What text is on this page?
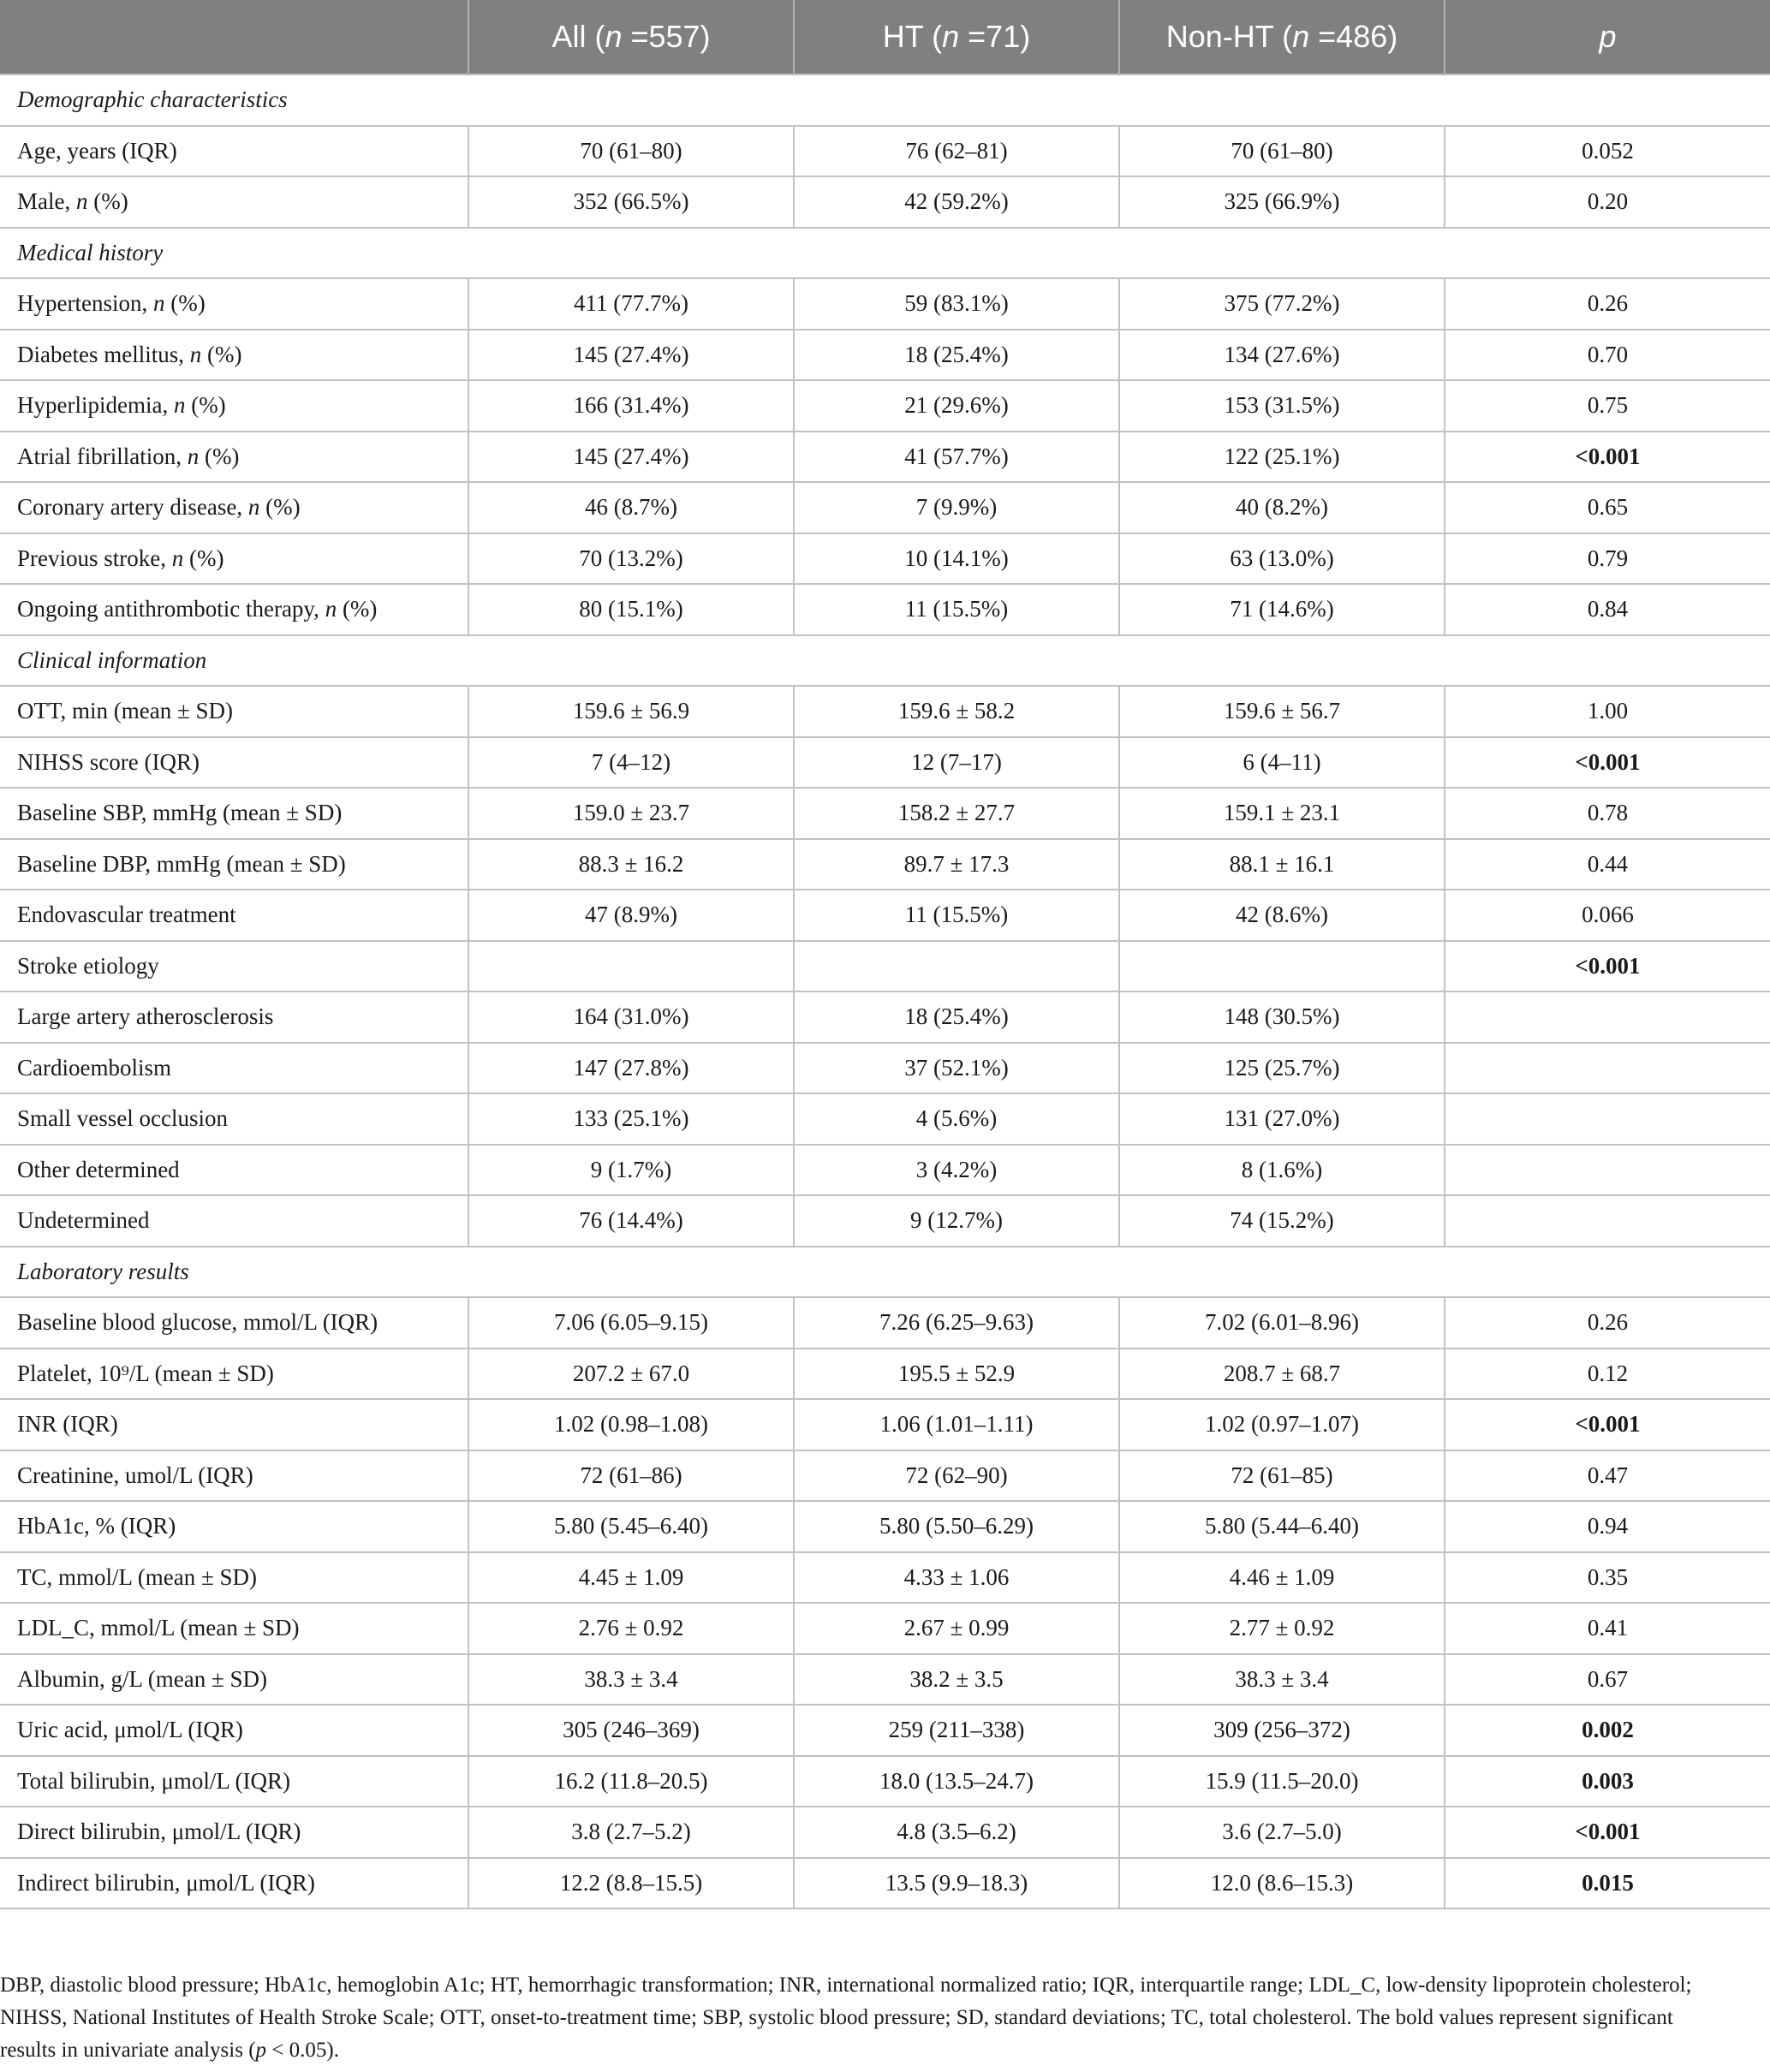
	All (n =557)	HT (n =71)	Non-HT (n =486)	p
Demographic characteristics				
Age, years (IQR)	70 (61–80)	76 (62–81)	70 (61–80)	0.052
Male, n (%)	352 (66.5%)	42 (59.2%)	325 (66.9%)	0.20
Medical history				
Hypertension, n (%)	411 (77.7%)	59 (83.1%)	375 (77.2%)	0.26
Diabetes mellitus, n (%)	145 (27.4%)	18 (25.4%)	134 (27.6%)	0.70
Hyperlipidemia, n (%)	166 (31.4%)	21 (29.6%)	153 (31.5%)	0.75
Atrial fibrillation, n (%)	145 (27.4%)	41 (57.7%)	122 (25.1%)	<0.001
Coronary artery disease, n (%)	46 (8.7%)	7 (9.9%)	40 (8.2%)	0.65
Previous stroke, n (%)	70 (13.2%)	10 (14.1%)	63 (13.0%)	0.79
Ongoing antithrombotic therapy, n (%)	80 (15.1%)	11 (15.5%)	71 (14.6%)	0.84
Clinical information				
OTT, min (mean ± SD)	159.6 ± 56.9	159.6 ± 58.2	159.6 ± 56.7	1.00
NIHSS score (IQR)	7 (4–12)	12 (7–17)	6 (4–11)	<0.001
Baseline SBP, mmHg (mean ± SD)	159.0 ± 23.7	158.2 ± 27.7	159.1 ± 23.1	0.78
Baseline DBP, mmHg (mean ± SD)	88.3 ± 16.2	89.7 ± 17.3	88.1 ± 16.1	0.44
Endovascular treatment	47 (8.9%)	11 (15.5%)	42 (8.6%)	0.066
Stroke etiology				<0.001
Large artery atherosclerosis	164 (31.0%)	18 (25.4%)	148 (30.5%)	
Cardioembolism	147 (27.8%)	37 (52.1%)	125 (25.7%)	
Small vessel occlusion	133 (25.1%)	4 (5.6%)	131 (27.0%)	
Other determined	9 (1.7%)	3 (4.2%)	8 (1.6%)	
Undetermined	76 (14.4%)	9 (12.7%)	74 (15.2%)	
Laboratory results				
Baseline blood glucose, mmol/L (IQR)	7.06 (6.05–9.15)	7.26 (6.25–9.63)	7.02 (6.01–8.96)	0.26
Platelet, 10⁹/L (mean ± SD)	207.2 ± 67.0	195.5 ± 52.9	208.7 ± 68.7	0.12
INR (IQR)	1.02 (0.98–1.08)	1.06 (1.01–1.11)	1.02 (0.97–1.07)	<0.001
Creatinine, umol/L (IQR)	72 (61–86)	72 (62–90)	72 (61–85)	0.47
HbA1c, % (IQR)	5.80 (5.45–6.40)	5.80 (5.50–6.29)	5.80 (5.44–6.40)	0.94
TC, mmol/L (mean ± SD)	4.45 ± 1.09	4.33 ± 1.06	4.46 ± 1.09	0.35
LDL_C, mmol/L (mean ± SD)	2.76 ± 0.92	2.67 ± 0.99	2.77 ± 0.92	0.41
Albumin, g/L (mean ± SD)	38.3 ± 3.4	38.2 ± 3.5	38.3 ± 3.4	0.67
Uric acid, μmol/L (IQR)	305 (246–369)	259 (211–338)	309 (256–372)	0.002
Total bilirubin, μmol/L (IQR)	16.2 (11.8–20.5)	18.0 (13.5–24.7)	15.9 (11.5–20.0)	0.003
Direct bilirubin, μmol/L (IQR)	3.8 (2.7–5.2)	4.8 (3.5–6.2)	3.6 (2.7–5.0)	<0.001
Indirect bilirubin, μmol/L (IQR)	12.2 (8.8–15.5)	13.5 (9.9–18.3)	12.0 (8.6–15.3)	0.015
DBP, diastolic blood pressure; HbA1c, hemoglobin A1c; HT, hemorrhagic transformation; INR, international normalized ratio; IQR, interquartile range; LDL_C, low-density lipoprotein cholesterol; NIHSS, National Institutes of Health Stroke Scale; OTT, onset-to-treatment time; SBP, systolic blood pressure; SD, standard deviations; TC, total cholesterol. The bold values represent significant results in univariate analysis (p < 0.05).
